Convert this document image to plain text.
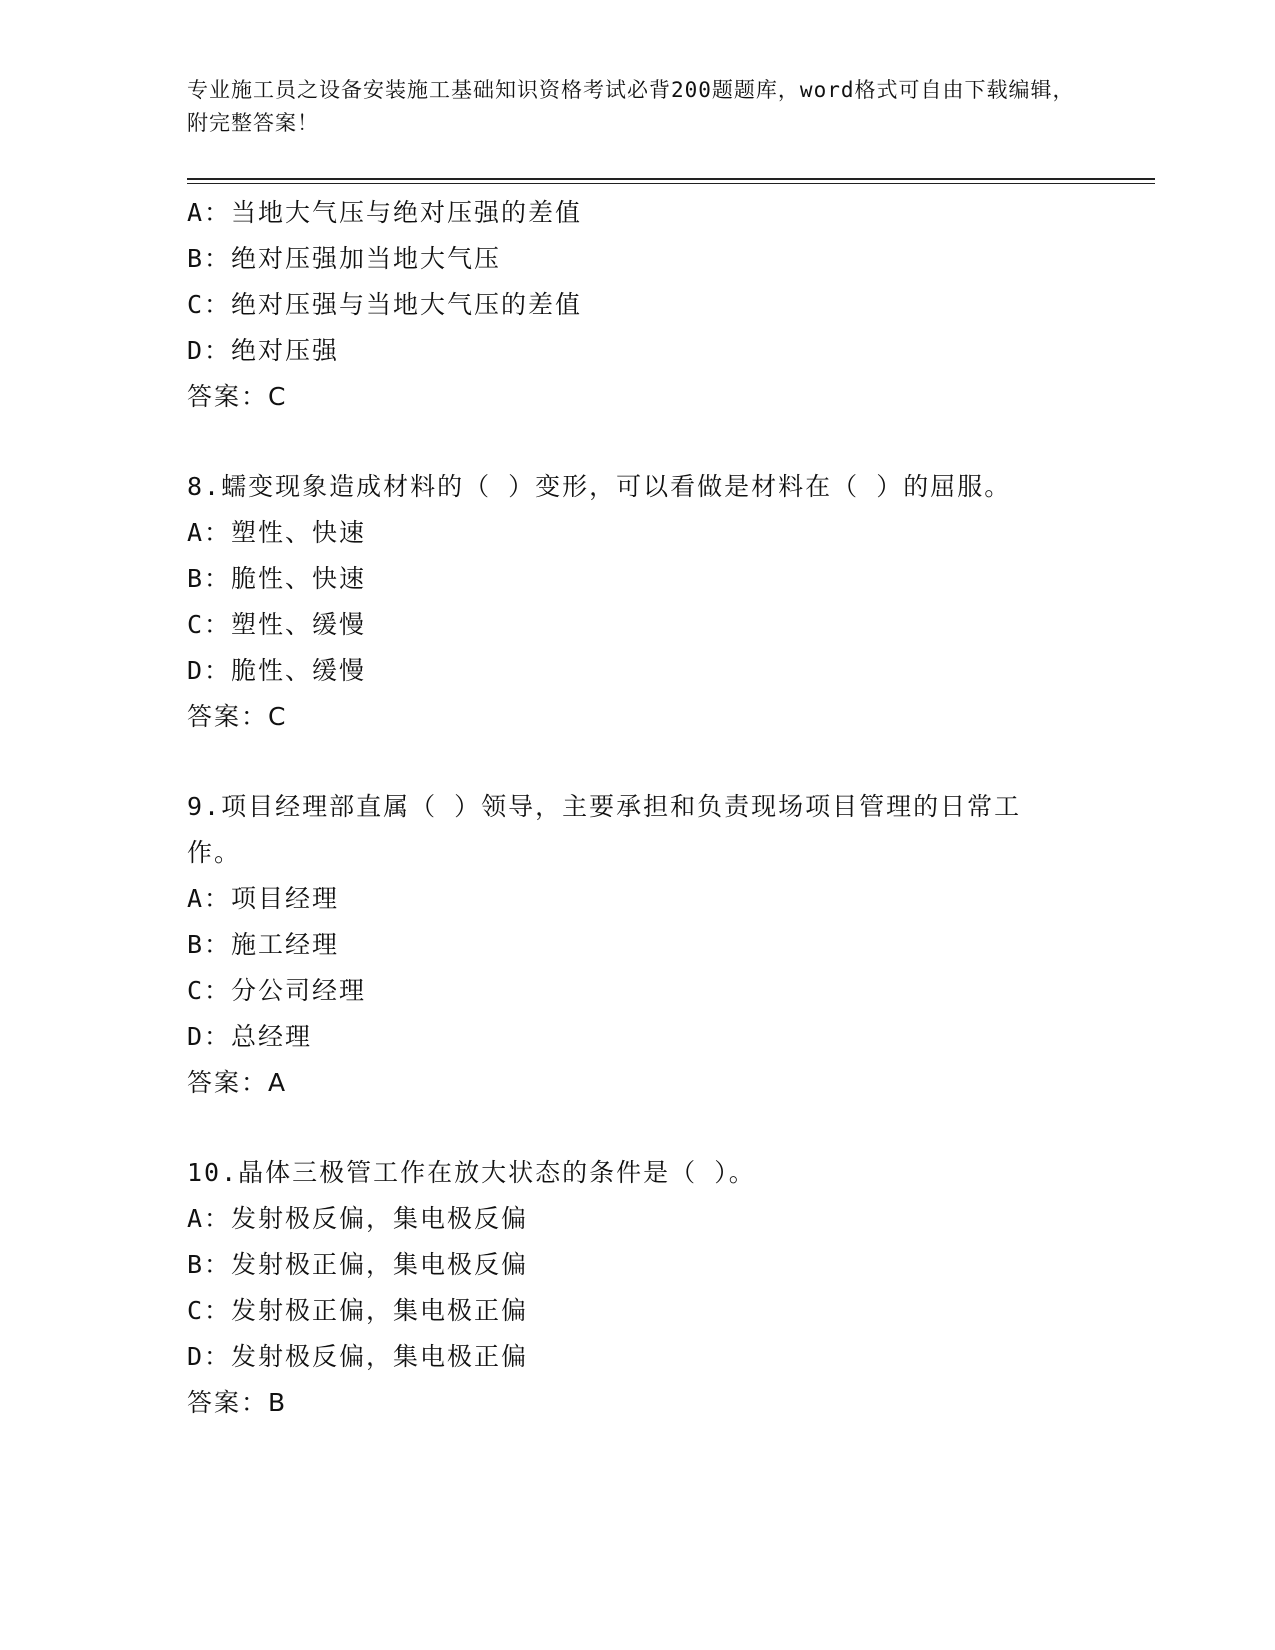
专业施工员之设备安装施工基础知识资格考试必背200题题库，word格式可自由下载编辑，附完整答案！
A：当地大气压与绝对压强的差值
B：绝对压强加当地大气压
C：绝对压强与当地大气压的差值
D：绝对压强
答案：C
8.蠕变现象造成材料的（ ）变形，可以看做是材料在（ ）的屈服。
A：塑性、快速
B：脆性、快速
C：塑性、缓慢
D：脆性、缓慢
答案：C
9.项目经理部直属（ ）领导，主要承担和负责现场项目管理的日常工作。
A：项目经理
B：施工经理
C：分公司经理
D：总经理
答案：A
10.晶体三极管工作在放大状态的条件是（ ）。
A：发射极反偏，集电极反偏
B：发射极正偏，集电极反偏
C：发射极正偏，集电极正偏
D：发射极反偏，集电极正偏
答案：B
